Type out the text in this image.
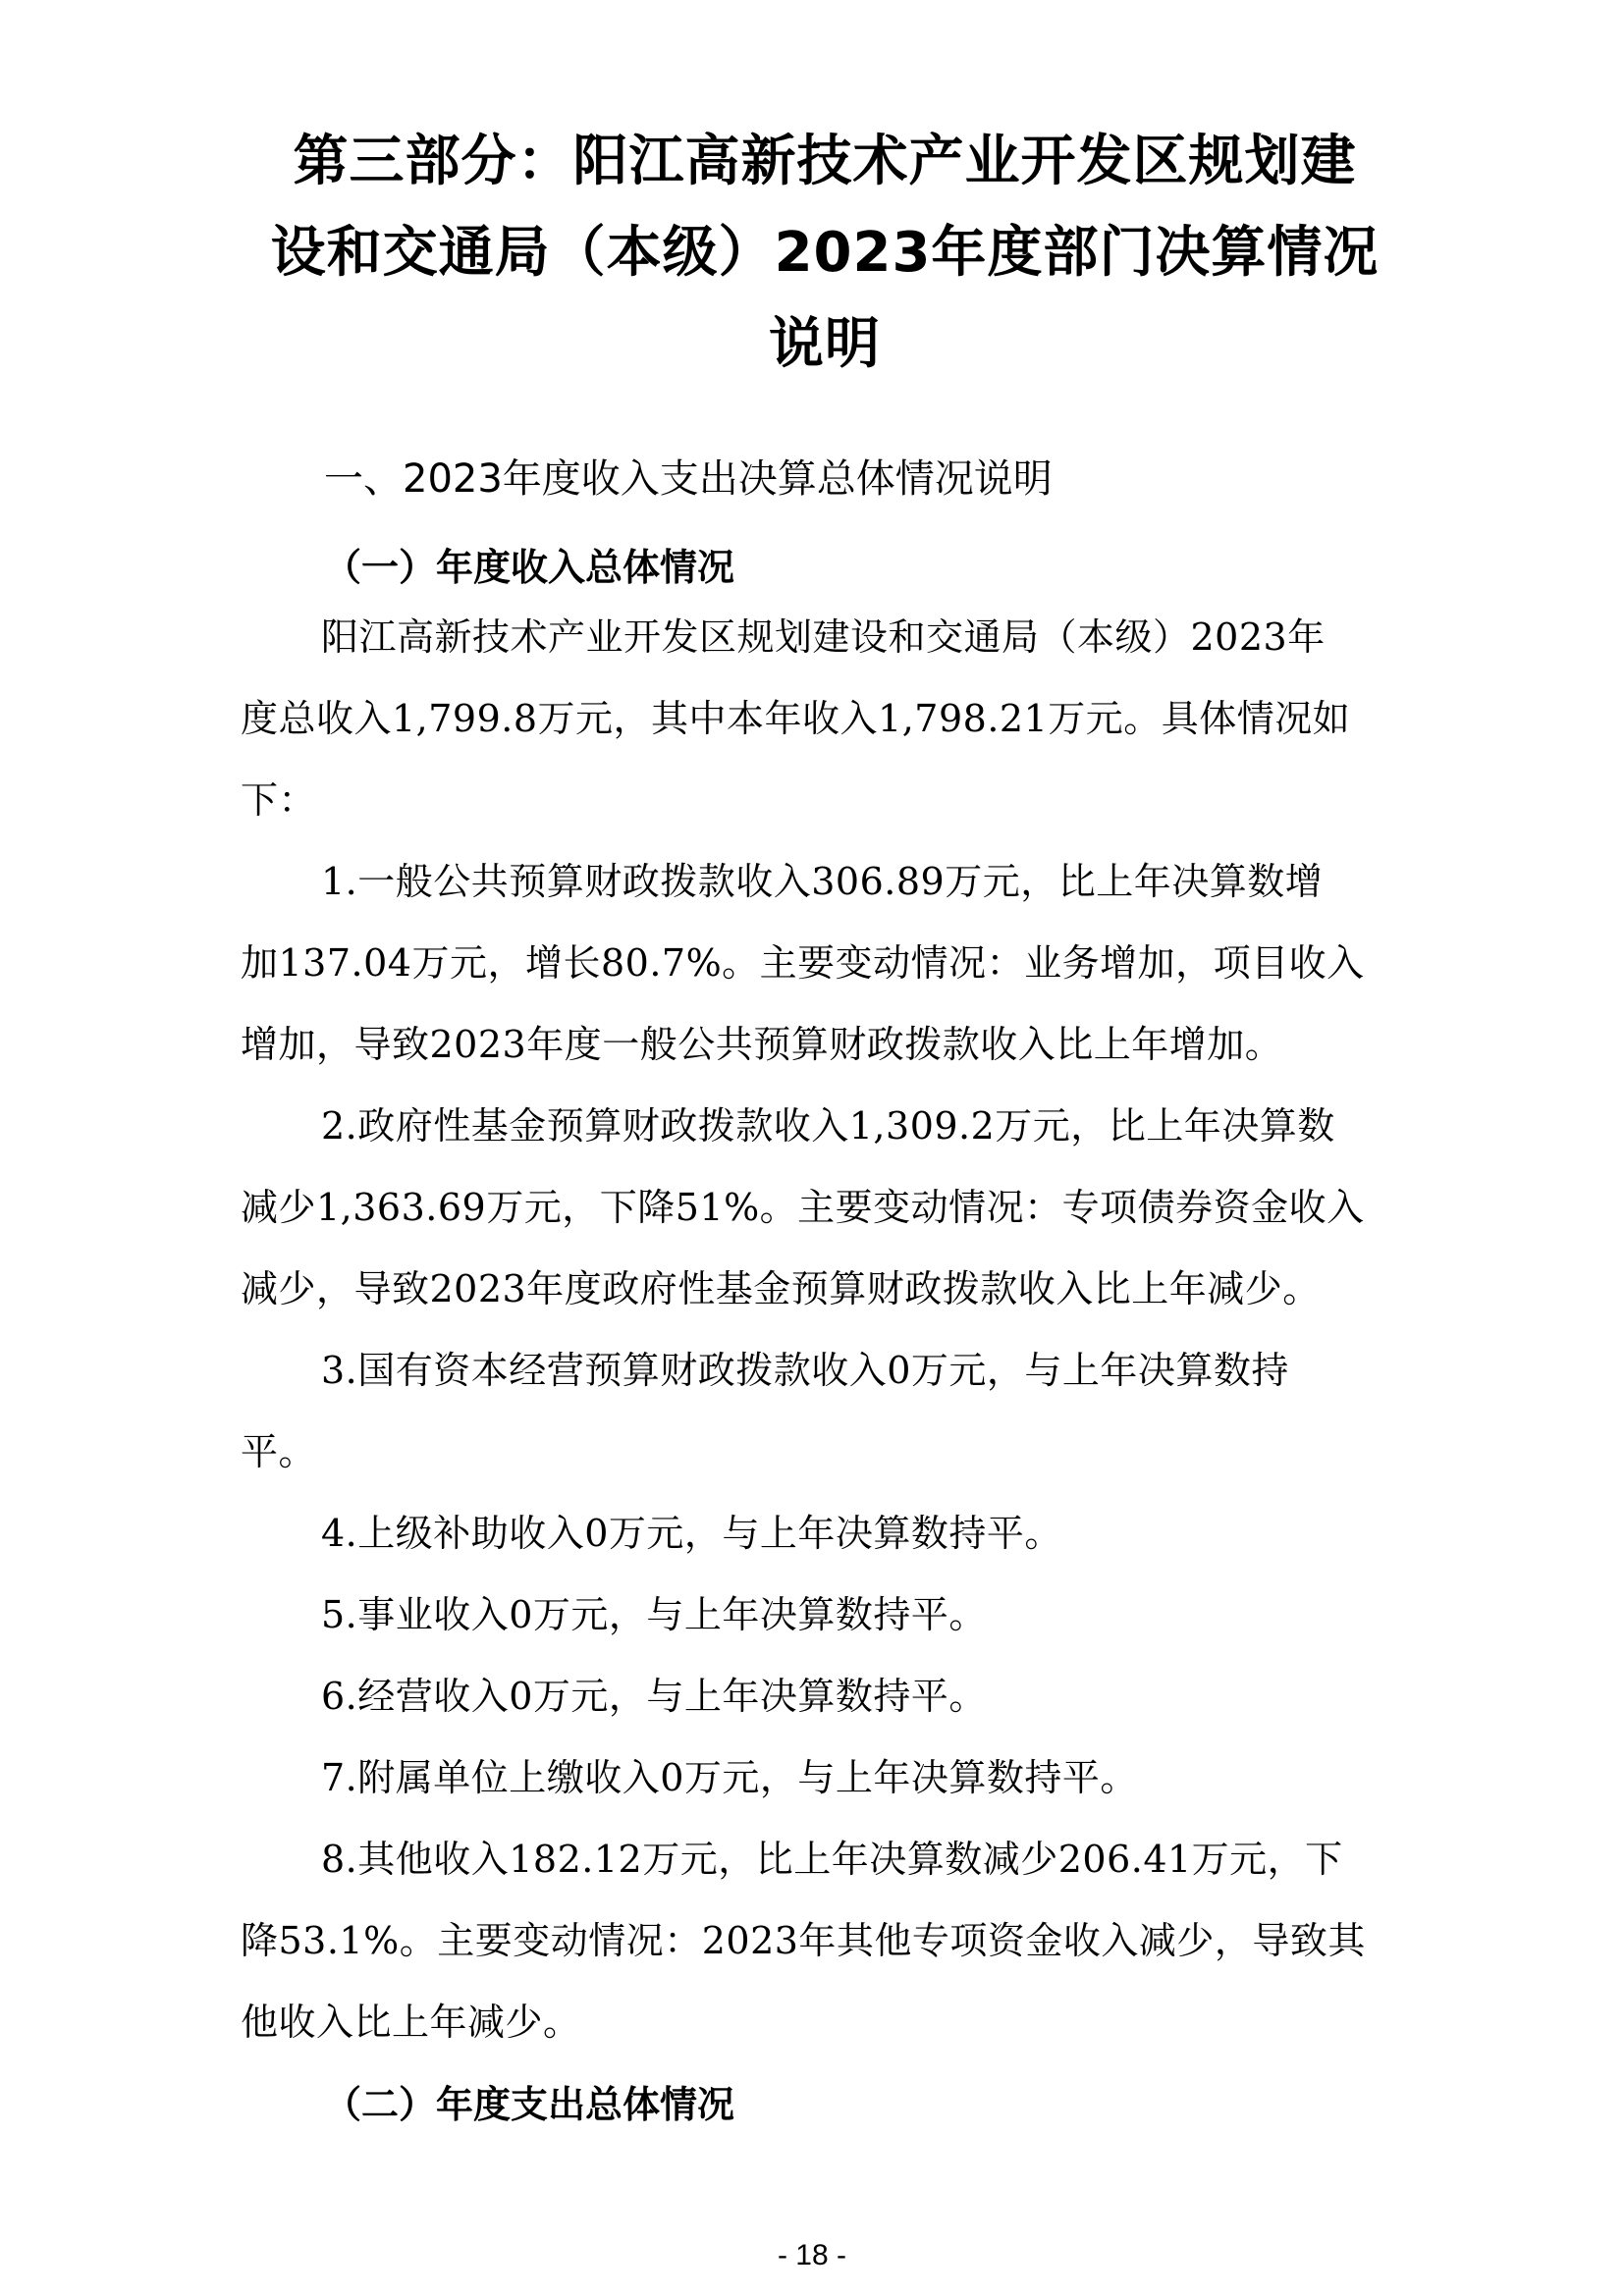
第三部分：阳江高新技术产业开发区规划建
设和交通局（本级）2023年度部门决算情况
说明
一、2023年度收入支出决算总体情况说明
（一）年度收入总体情况
阳江高新技术产业开发区规划建设和交通局（本级）2023年
度总收入1,799.8万元，其中本年收入1,798.21万元。具体情况如
下：
1.一般公共预算财政拨款收入306.89万元，比上年决算数增
加137.04万元，增长80.7%。主要变动情况：业务增加，项目收入
增加，导致2023年度一般公共预算财政拨款收入比上年增加。
2.政府性基金预算财政拨款收入1,309.2万元，比上年决算数
减少1,363.69万元，下降51%。主要变动情况：专项债券资金收入
减少，导致2023年度政府性基金预算财政拨款收入比上年减少。
3.国有资本经营预算财政拨款收入0万元，与上年决算数持
平。
4.上级补助收入0万元，与上年决算数持平。
5.事业收入0万元，与上年决算数持平。
6.经营收入0万元，与上年决算数持平。
7.附属单位上缴收入0万元，与上年决算数持平。
8.其他收入182.12万元，比上年决算数减少206.41万元，下
降53.1%。主要变动情况：2023年其他专项资金收入减少，导致其
他收入比上年减少。
（二）年度支出总体情况
- 18 -
